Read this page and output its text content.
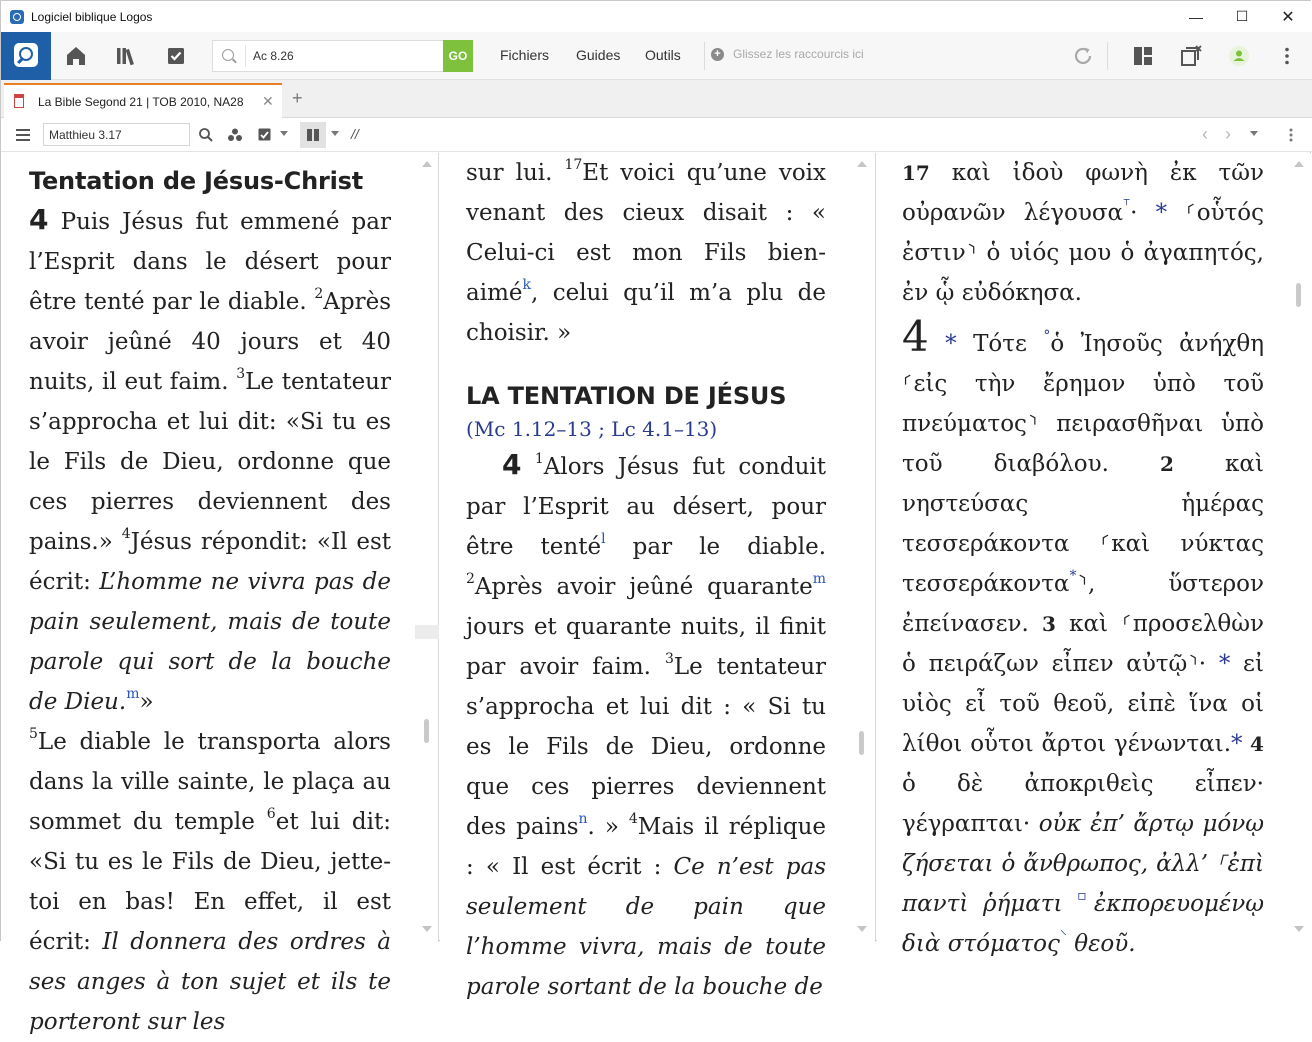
Logiciel biblique Logos	—	☐	✕
Ac 8.26
GO	Fichiers Guides Outils	+ Glissez les raccourcis ici
La Bible Segond 21 | TOB 2010, NA28 ✕ +
Matthieu 3.17
//	‹ ›
Tentation de Jésus-Christ
4 Puis Jésus fut emmené par l’Esprit dans le désert pour être tenté par le diable. $^2$Après avoir jeûné 40 jours et 40 nuits, il eut faim. $^3$Le tentateur s’approcha et lui dit: «Si tu es le Fils de Dieu, ordonne que ces pierres deviennent des pains.» $^4$Jésus répondit: «Il est écrit: L’homme ne vivra pas de pain seulement, mais de toute parole qui sort de la bouche de Dieu.$^m$»
$^5$Le diable le transporta alors dans la ville sainte, le plaça au sommet du temple $^6$et lui dit: «Si tu es le Fils de Dieu, jette-toi en bas! En effet, il est écrit: Il donnera des ordres à ses anges à ton sujet et ils te porteront sur les
sur lui. $^{17}$Et voici qu’une voix venant des cieux disait : « Celui-ci est mon Fils bien-aimé$^k$, celui qu’il m’a plu de choisir. »
LA TENTATION DE JÉSUS
(Mc 1.12–13 ; Lc 4.1–13)
4 $^1$Alors Jésus fut conduit par l’Esprit au désert, pour être tenté$^l$ par le diable. $^2$Après avoir jeûné quarante$^m$ jours et quarante nuits, il finit par avoir faim. $^3$Le tentateur s’approcha et lui dit : « Si tu es le Fils de Dieu, ordonne que ces pierres deviennent des pains$^n$. » $^4$Mais il réplique : « Il est écrit : Ce n’est pas seulement de pain que l’homme vivra, mais de toute parole sortant de la bouche de
17 καὶ ἰδοὺ φωνὴ ἐκ τῶν οὐρανῶν λέγουσα⸆· * ⸂οὗτός ἐστιν⸃ ὁ υἱός μου ὁ ἀγαπητός, ἐν ᾧ εὐδόκησα.
4 * Τότε °ὁ Ἰησοῦς ἀνήχθη ⸂εἰς τὴν ἔρημον ὑπὸ τοῦ πνεύματος⸃ πειρασθῆναι ὑπὸ τοῦ διαβόλου. 2 καὶ νηστεύσας ἡμέρας τεσσεράκοντα ⸂καὶ νύκτας τεσσεράκοντα*⸃, ὕστερον ἐπείνασεν. 3 καὶ ⸂προσελθὼν ὁ πειράζων εἶπεν αὐτῷ⸃· * εἰ υἱὸς εἶ τοῦ θεοῦ, εἰπὲ ἵνα οἱ λίθοι οὗτοι ἄρτοι γένωνται.* 4 ὁ δὲ ἀποκριθεὶς εἶπεν· γέγραπται· οὐκ ἐπ’ ἄρτῳ μόνῳ ζήσεται ὁ ἄνθρωπος, ἀλλ’ ⸀ἐπὶ παντὶ ῥήματι ▫ἐκπορευομένῳ διὰ στόματος⸌ θεοῦ.
